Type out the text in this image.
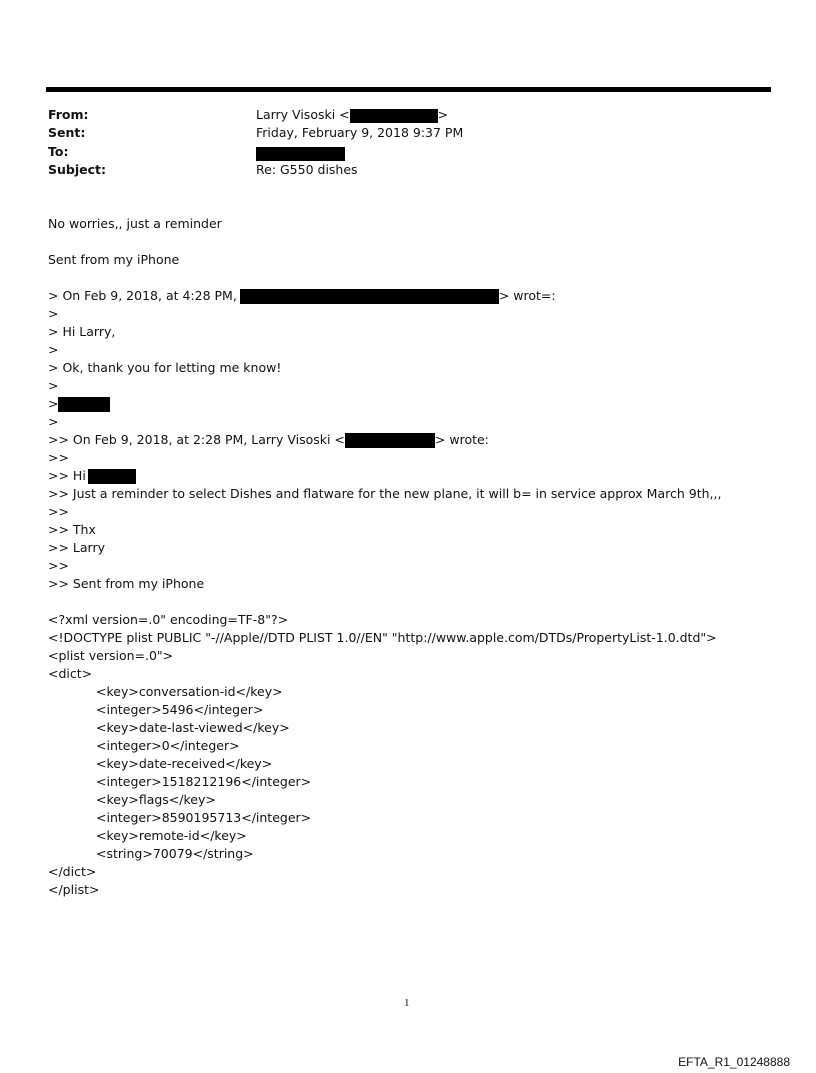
From:	Larry Visoski <	>
Sent:	Friday, February 9, 2018 9:37 PM
To:
Subject:	Re: G550 dishes
No worries,, just a reminder
Sent from my iPhone
> On Feb 9, 2018, at 4:28 PM,	> wrot=:
>
> Hi Larry,
>
> Ok, thank you for letting me know!
>
>
>
>> On Feb 9, 2018, at 2:28 PM, Larry Visoski <	> wrote:
>>
>> Hi
>> Just a reminder to select Dishes and flatware for the new plane, it will b= in service approx March 9th,,,
>>
>> Thx
>> Larry
>>
>> Sent from my iPhone
<?xml version=.0" encoding=TF-8"?>
<!DOCTYPE plist PUBLIC "-//Apple//DTD PLIST 1.0//EN" "http://www.apple.com/DTDs/PropertyList-1.0.dtd">
<plist version=.0">
<dict>
<key>conversation-id</key>
<integer>5496</integer>
<key>date-last-viewed</key>
<integer>0</integer>
<key>date-received</key>
<integer>1518212196</integer>
<key>flags</key>
<integer>8590195713</integer>
<key>remote-id</key>
<string>70079</string>
</dict>
</plist>
1
EFTA_R1_01248888
